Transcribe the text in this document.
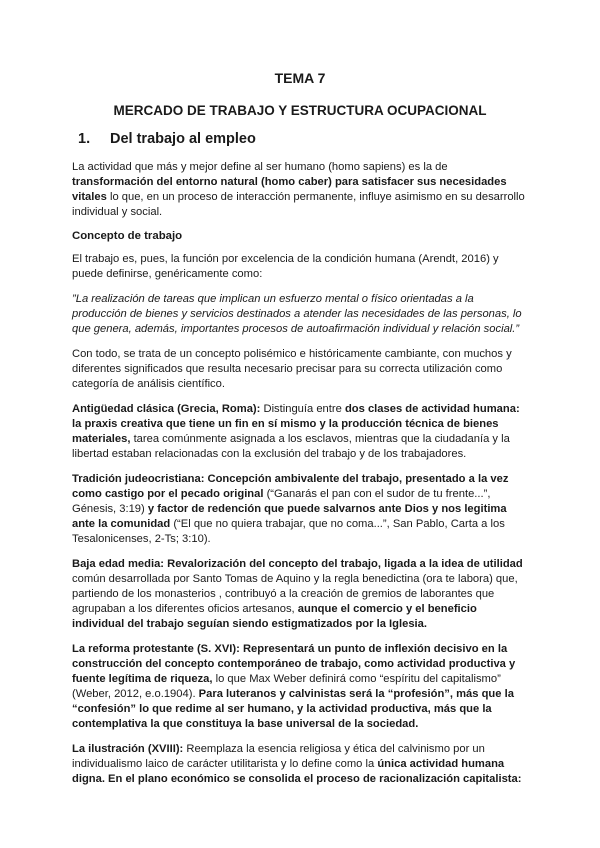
TEMA 7
MERCADO DE TRABAJO Y ESTRUCTURA OCUPACIONAL
1.	Del trabajo al empleo

La actividad que más y mejor define al ser humano (homo sapiens) es la de transformación del entorno natural (homo caber) para satisfacer sus necesidades vitales lo que, en un proceso de interacción permanente, influye asimismo en su desarrollo individual y social.

Concepto de trabajo

El trabajo es, pues, la función por excelencia de la condición humana (Arendt, 2016) y puede definirse, genéricamente como:

”La realización de tareas que implican un esfuerzo mental o físico orientadas a la producción de bienes y servicios destinados a atender las necesidades de las personas, lo que genera, además, importantes procesos de autoafirmación individual y relación social.”

Con todo, se trata de un concepto polisémico e históricamente cambiante, con muchos y diferentes significados que resulta necesario precisar para su correcta utilización como categoría de análisis científico.

Antigüedad clásica (Grecia, Roma): Distinguía entre dos clases de actividad humana: la praxis creativa que tiene un fin en sí mismo y la producción técnica de bienes materiales, tarea comúnmente asignada a los esclavos, mientras que la ciudadanía y la libertad estaban relacionadas con la exclusión del trabajo y de los trabajadores.

Tradición judeocristiana: Concepción ambivalente del trabajo, presentado a la vez como castigo por el pecado original (“Ganarás el pan con el sudor de tu frente...”, Génesis, 3:19) y factor de redención que puede salvarnos ante Dios y nos legitima ante la comunidad (“El que no quiera trabajar, que no coma...”, San Pablo, Carta a los Tesalonicenses, 2-Ts; 3:10).

Baja edad media: Revalorización del concepto del trabajo, ligada a la idea de utilidad común desarrollada por Santo Tomas de Aquino y la regla benedictina (ora te labora) que, partiendo de los monasterios , contribuyó a la creación de gremios de laborantes que agrupaban a los diferentes oficios artesanos, aunque el comercio y el beneficio individual del trabajo seguían siendo estigmatizados por la Iglesia.

La reforma protestante (S. XVI): Representará un punto de inflexión decisivo en la construcción del concepto contemporáneo de trabajo, como actividad productiva y fuente legítima de riqueza, lo que Max Weber definirá como “espíritu del capitalismo” (Weber, 2012, e.o.1904). Para luteranos y calvinistas será la “profesión”, más que la “confesión” lo que redime al ser humano, y la actividad productiva, más que la contemplativa la que constituya la base universal de la sociedad.

La ilustración (XVIII): Reemplaza la esencia religiosa y ética del calvinismo por un individualismo laico de carácter utilitarista y lo define como la única actividad humana digna. En el plano económico se consolida el proceso de racionalización capitalista:
